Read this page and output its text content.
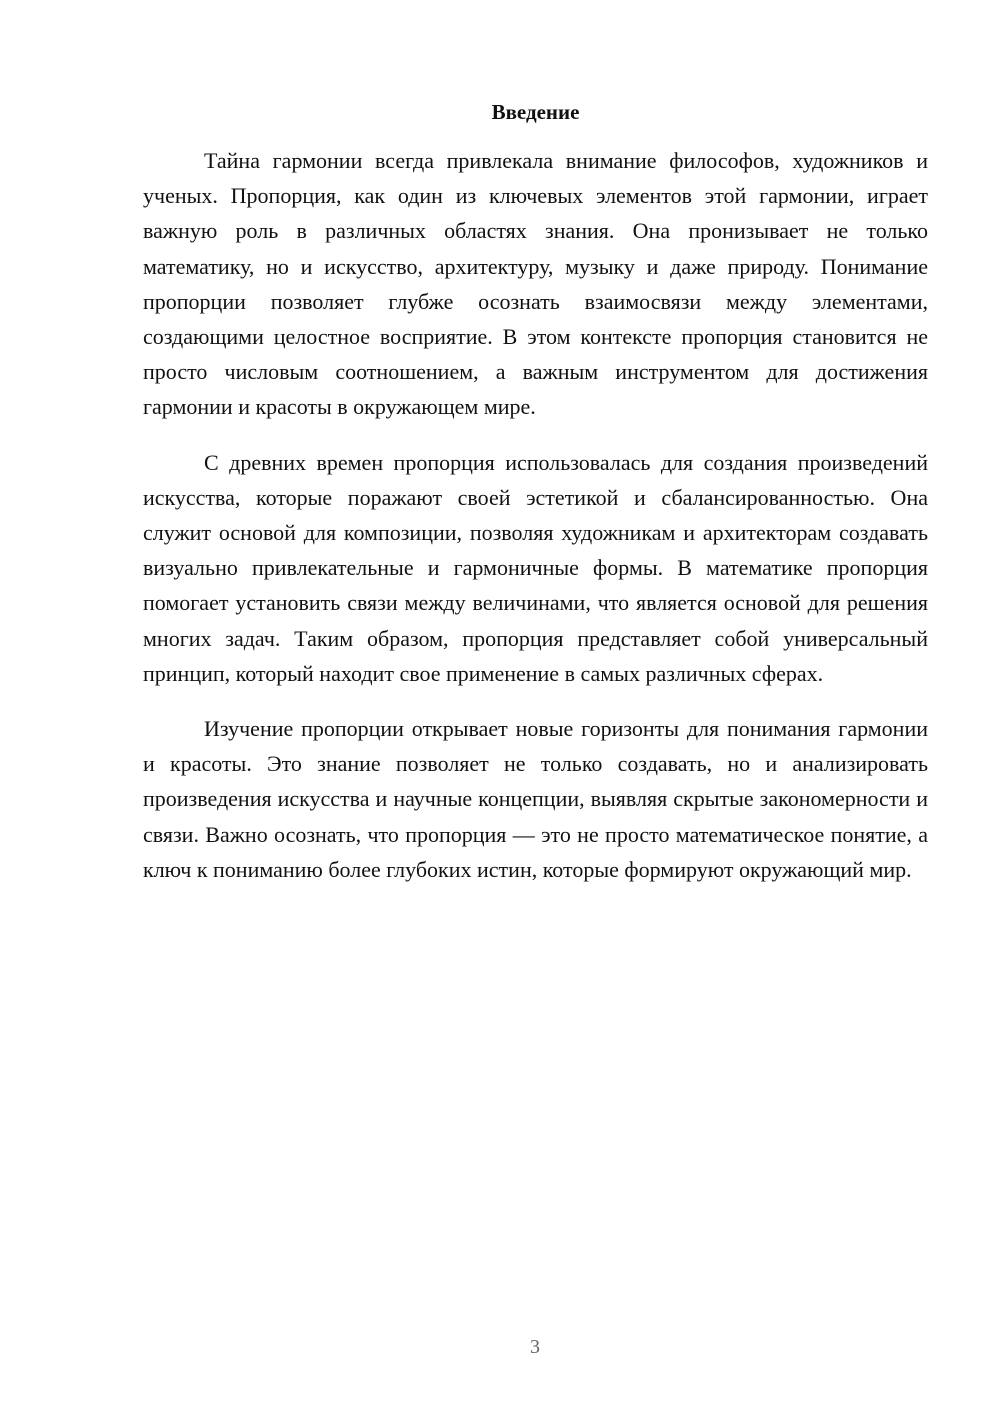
Введение

Тайна гармонии всегда привлекала внимание философов, художников и ученых. Пропорция, как один из ключевых элементов этой гармонии, играет важную роль в различных областях знания. Она пронизывает не только математику, но и искусство, архитектуру, музыку и даже природу. Понимание пропорции позволяет глубже осознать взаимосвязи между элементами, создающими целостное восприятие. В этом контексте пропорция становится не просто числовым соотношением, а важным инструментом для достижения гармонии и красоты в окружающем мире.

С древних времен пропорция использовалась для создания произведений искусства, которые поражают своей эстетикой и сбалансированностью. Она служит основой для композиции, позволяя художникам и архитекторам создавать визуально привлекательные и гармоничные формы. В математике пропорция помогает установить связи между величинами, что является основой для решения многих задач. Таким образом, пропорция представляет собой универсальный принцип, который находит свое применение в самых различных сферах.

Изучение пропорции открывает новые горизонты для понимания гармонии и красоты. Это знание позволяет не только создавать, но и анализировать произведения искусства и научные концепции, выявляя скрытые закономерности и связи. Важно осознать, что пропорция — это не просто математическое понятие, а ключ к пониманию более глубоких истин, которые формируют окружающий мир.

3
